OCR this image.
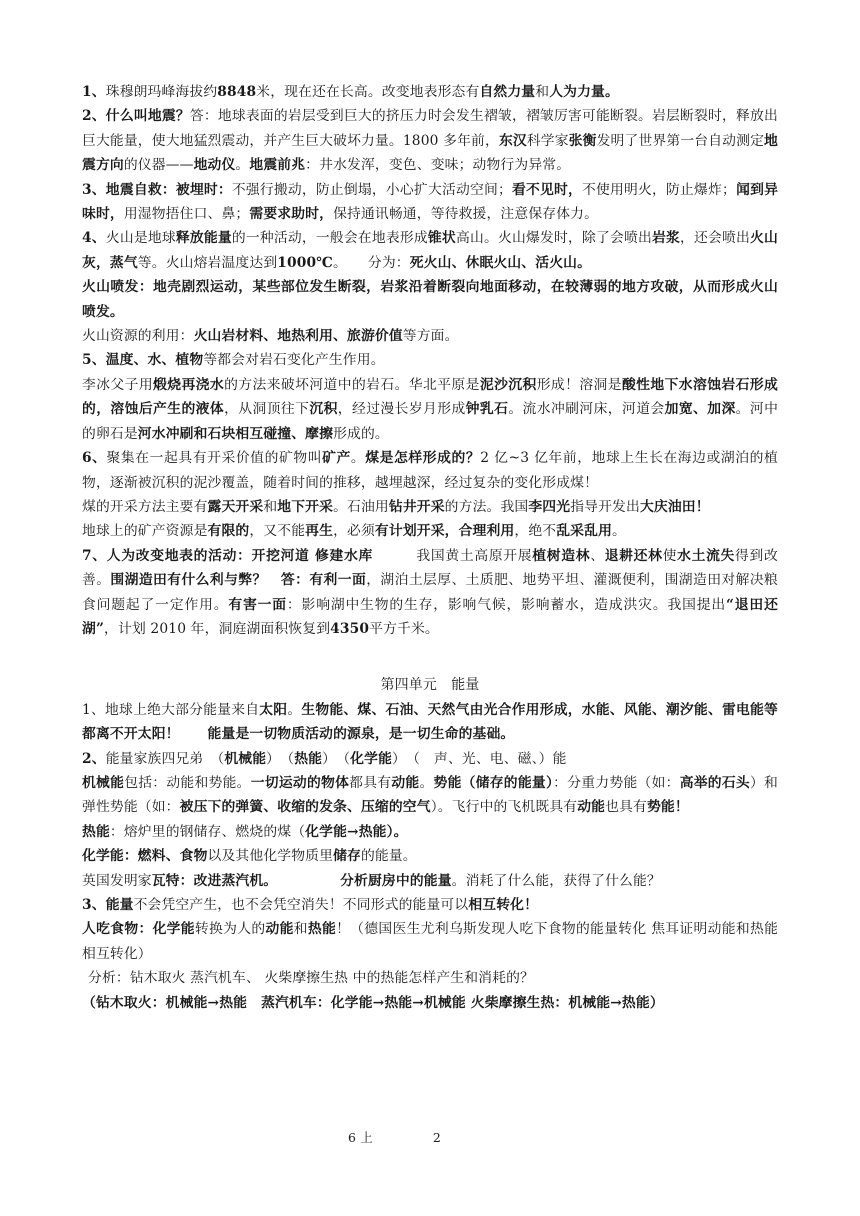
1、珠穆朗玛峰海拔约8848米，现在还在长高。改变地表形态有自然力量和人为力量。

2、什么叫地震？答：地球表面的岩层受到巨大的挤压力时会发生褶皱，褶皱厉害可能断裂。岩层断裂时，释放出巨大能量，使大地猛烈震动，并产生巨大破坏力量。1800 多年前，东汉科学家张衡发明了世界第一台自动测定地震方向的仪器——地动仪。地震前兆：井水发浑，变色、变味；动物行为异常。

3、地震自救：被埋时：不强行搬动，防止倒塌，小心扩大活动空间；看不见时，不使用明火，防止爆炸；闻到异味时，用湿物捂住口、鼻；需要求助时，保持通讯畅通，等待救援，注意保存体力。

4、火山是地球释放能量的一种活动，一般会在地表形成锥状高山。火山爆发时，除了会喷出岩浆，还会喷出火山灰，蒸气等。火山熔岩温度达到1000℃。　　分为：死火山、休眠火山、活火山。

火山喷发：地壳剧烈运动，某些部位发生断裂，岩浆沿着断裂向地面移动，在较薄弱的地方攻破，从而形成火山喷发。

火山资源的利用：火山岩材料、地热利用、旅游价值等方面。

5、温度、水、植物等都会对岩石变化产生作用。

李冰父子用煅烧再浇水的方法来破坏河道中的岩石。华北平原是泥沙沉积形成！溶洞是酸性地下水溶蚀岩石形成的，溶蚀后产生的液体，从洞顶往下沉积，经过漫长岁月形成钟乳石。流水冲刷河床，河道会加宽、加深。河中的卵石是河水冲刷和石块相互碰撞、摩擦形成的。

6、聚集在一起具有开采价值的矿物叫矿产。煤是怎样形成的？2 亿~3 亿年前，地球上生长在海边或湖泊的植物，逐渐被沉积的泥沙覆盖，随着时间的推移，越埋越深，经过复杂的变化形成煤！

煤的开采方法主要有露天开采和地下开采。石油用钻井开采的方法。我国李四光指导开发出大庆油田！

地球上的矿产资源是有限的，又不能再生，必须有计划开采，合理利用，绝不乱采乱用。

7、人为改变地表的活动：开挖河道 修建水库　　　我国黄土高原开展植树造林、退耕还林使水土流失得到改善。围湖造田有什么利与弊？　答：有利一面，湖泊土层厚、土质肥、地势平坦、灌溉便利，围湖造田对解决粮食问题起了一定作用。有害一面：影响湖中生物的生存，影响气候，影响蓄水，造成洪灾。我国提出“退田还湖”，计划 2010 年，洞庭湖面积恢复到4350平方千米。

第四单元　能量

1、地球上绝大部分能量来自太阳。生物能、煤、石油、天然气由光合作用形成，水能、风能、潮汐能、雷电能等都离不开太阳！　　 能量是一切物质活动的源泉，是一切生命的基础。

2、能量家族四兄弟　（机械能）　（热能）　（化学能）　（　声、光、电、磁、）能

机械能包括：动能和势能。一切运动的物体都具有动能。势能（储存的能量）：分重力势能（如：高举的石头）和弹性势能（如：被压下的弹簧、收缩的发条、压缩的空气）。飞行中的飞机既具有动能也具有势能！

热能：熔炉里的钢储存、燃烧的煤（化学能→热能）。

化学能：燃料、食物以及其他化学物质里储存的能量。

英国发明家瓦特：改进蒸汽机。　　　　　	分析厨房中的能量。消耗了什么能，获得了什么能？

3、能量不会凭空产生，也不会凭空消失！不同形式的能量可以相互转化！

人吃食物：化学能转换为人的动能和热能！（德国医生尤利乌斯发现人吃下食物的能量转化 焦耳证明动能和热能相互转化）

分析：钻木取火 蒸汽机车、 火柴摩擦生热 中的热能怎样产生和消耗的？

（钻木取火：机械能→热能　蒸汽机车：化学能→热能→机械能 火柴摩擦生热：机械能→热能）

6 上	2
